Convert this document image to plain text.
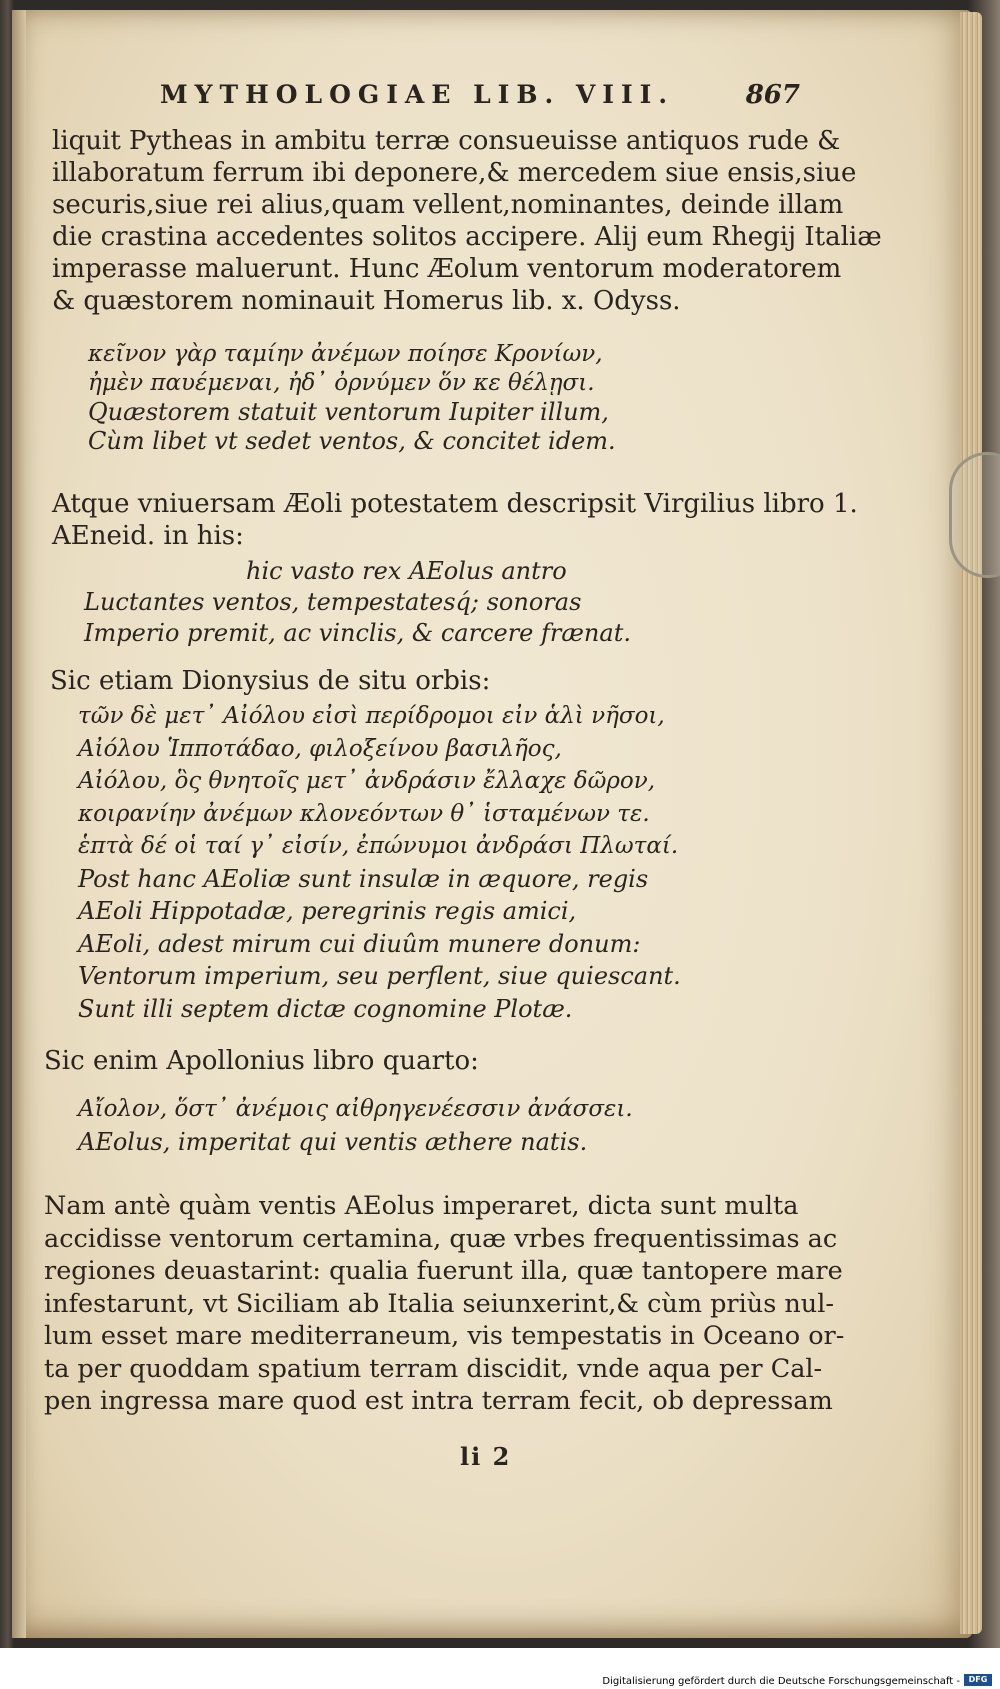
MYTHOLOGIAE LIB. VIII.	867
liquit Pytheas in ambitu terræ consueuisse antiquos rude &
illaboratum ferrum ibi deponere,& mercedem siue ensis,siue
securis,siue rei alius,quam vellent,nominantes, deinde illam
die crastina accedentes solitos accipere. Alij eum Rhegij Italiæ
imperasse maluerunt. Hunc Æolum ventorum moderatorem
& quæstorem nominauit Homerus lib. x. Odyss.
κεῖνον γὰρ ταμίην ἀνέμων ποίησε Κρονίων,
ἠμὲν παυέμεναι, ἠδ᾽ ὀρνύμεν ὅν κε θέλῃσι.
Quæstorem statuit ventorum Iupiter illum,
Cùm libet vt sedet ventos, & concitet idem.
Atque vniuersam Æoli potestatem descripsit Virgilius libro 1.
AEneid. in his:
hic vasto rex AEolus antro
Luctantes ventos, tempestatesq́; sonoras
Imperio premit, ac vinclis, & carcere frænat.
Sic etiam Dionysius de situ orbis:
τῶν δὲ μετ᾽ Αἰόλου εἰσὶ περίδρομοι εἰν ἁλὶ νῆσοι,
Αἰόλου Ἱπποτάδαο, φιλοξείνου βασιλῆος,
Αἰόλου, ὃς θνητοῖς μετ᾽ ἀνδράσιν ἔλλαχε δῶρον,
κοιρανίην ἀνέμων κλονεόντων θ᾽ ἱσταμένων τε.
ἑπτὰ δέ οἱ ταί γ᾽ εἰσίν, ἐπώνυμοι ἀνδράσι Πλωταί.
Post hanc AEoliæ sunt insulæ in æquore, regis
AEoli Hippotadæ, peregrinis regis amici,
AEoli, adest mirum cui diuûm munere donum:
Ventorum imperium, seu perflent, siue quiescant.
Sunt illi septem dictæ cognomine Plotæ.
Sic enim Apollonius libro quarto:
Αἴολον, ὅστ᾽ ἀνέμοις αἰθρηγενέεσσιν ἀνάσσει.
AEolus, imperitat qui ventis æthere natis.
Nam antè quàm ventis AEolus imperaret, dicta sunt multa
accidisse ventorum certamina, quæ vrbes frequentissimas ac
regiones deuastarint: qualia fuerunt illa, quæ tantopere mare
infestarunt, vt Siciliam ab Italia seiunxerint,& cùm priùs nul-
lum esset mare mediterraneum, vis tempestatis in Oceano or-
ta per quoddam spatium terram discidit, vnde aqua per Cal-
pen ingressa mare quod est intra terram fecit, ob depressam
li 2
Digitalisierung gefördert durch die Deutsche Forschungsgemeinschaft -	DFG
